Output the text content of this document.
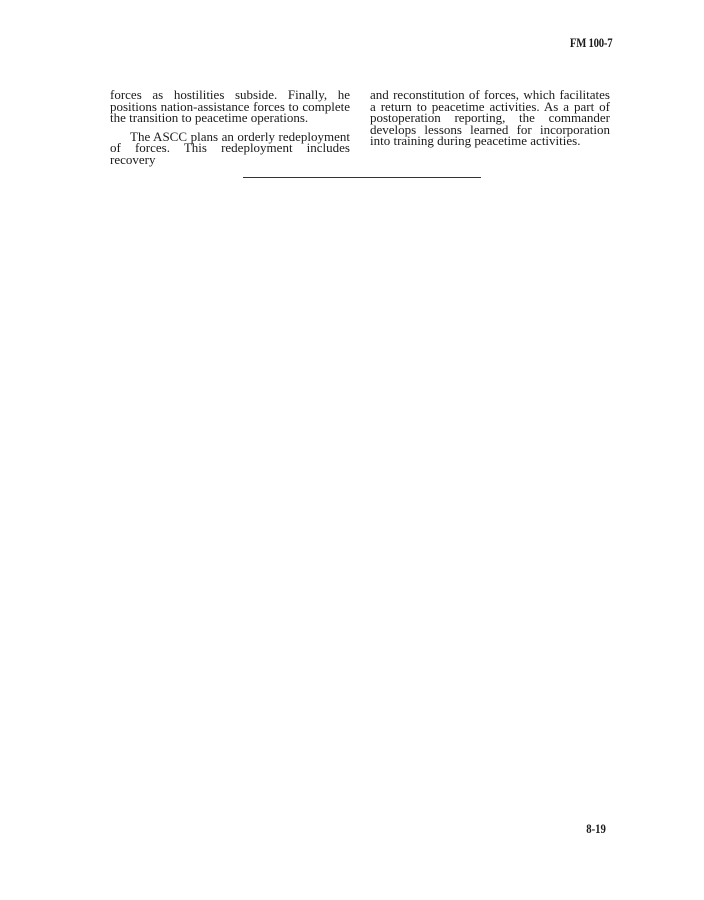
FM 100-7

forces as hostilities subside. Finally, he positions nation-assistance forces to complete the transition to peacetime operations.

The ASCC plans an orderly redeployment of forces. This redeployment includes recovery

and reconstitution of forces, which facilitates a return to peacetime activities. As a part of postoperation reporting, the commander develops lessons learned for incorporation into training during peacetime activities.

8-19
